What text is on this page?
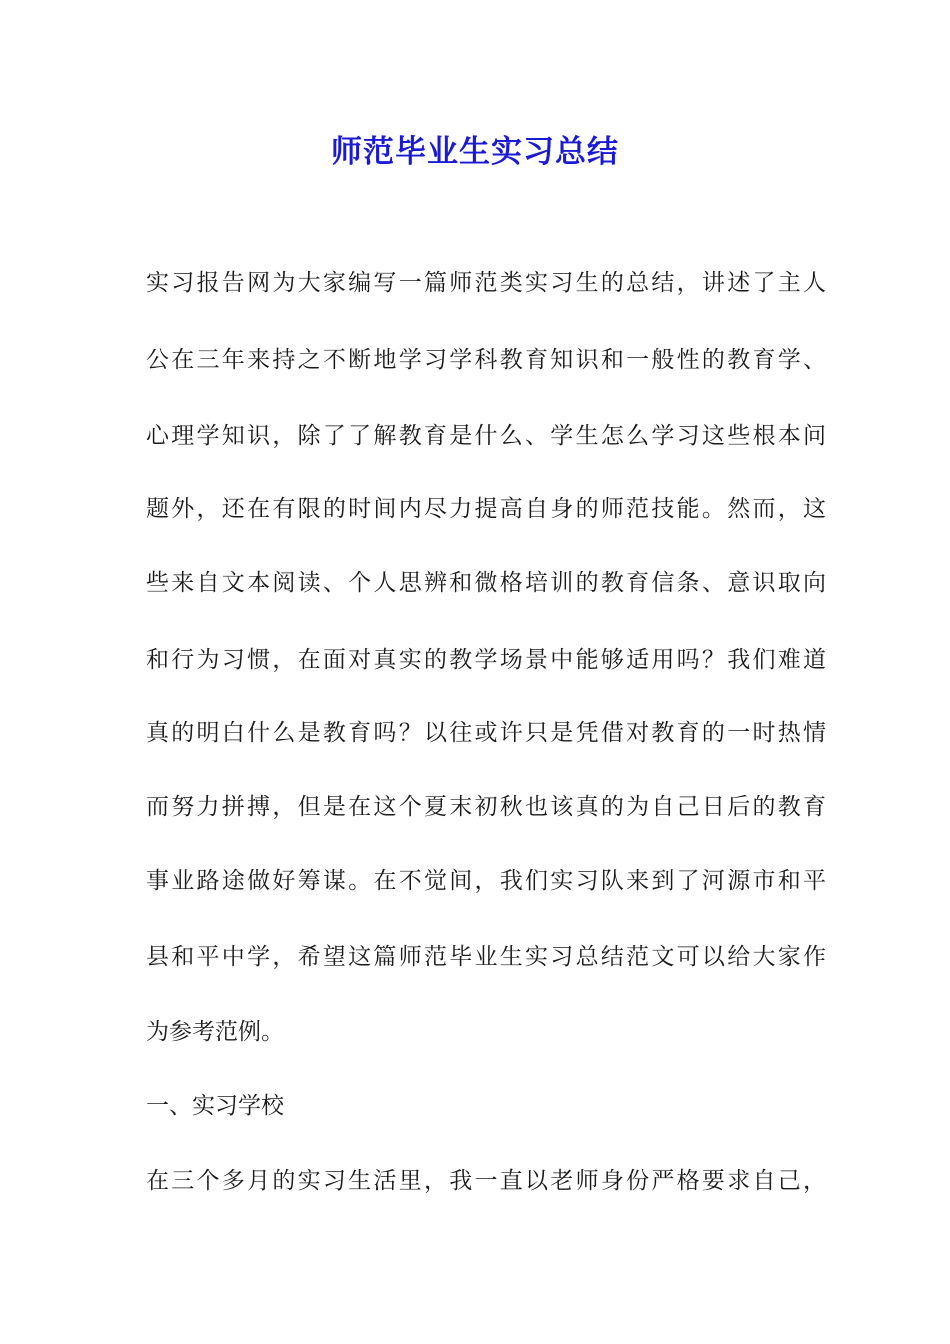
师范毕业生实习总结

实习报告网为大家编写一篇师范类实习生的总结，讲述了主人

公在三年来持之不断地学习学科教育知识和一般性的教育学、

心理学知识，除了了解教育是什么、学生怎么学习这些根本问

题外，还在有限的时间内尽力提高自身的师范技能。然而，这

些来自文本阅读、个人思辨和微格培训的教育信条、意识取向

和行为习惯，在面对真实的教学场景中能够适用吗？我们难道

真的明白什么是教育吗？以往或许只是凭借对教育的一时热情

而努力拼搏，但是在这个夏末初秋也该真的为自己日后的教育

事业路途做好筹谋。在不觉间，我们实习队来到了河源市和平

县和平中学，希望这篇师范毕业生实习总结范文可以给大家作

为参考范例。

一、实习学校

在三个多月的实习生活里，我一直以老师身份严格要求自己，
